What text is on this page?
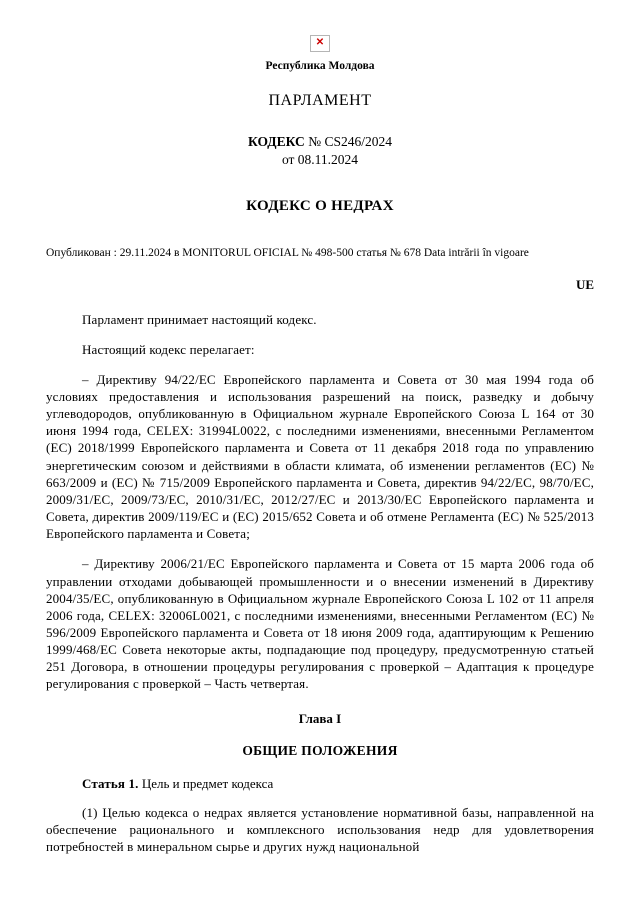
✕
Республика Молдова
ПАРЛАМЕНТ
КОДЕКС № CS246/2024
от 08.11.2024
КОДЕКС О НЕДРАХ
Опубликован : 29.11.2024 в MONITORUL OFICIAL № 498-500 статья № 678 Data intrării în vigoare
UE

Парламент принимает настоящий кодекс.

Настоящий кодекс перелагает:

– Директиву 94/22/ЕС Европейского парламента и Совета от 30 мая 1994 года об условиях предоставления и использования разрешений на поиск, разведку и добычу углеводородов, опубликованную в Официальном журнале Европейского Союза L 164 от 30 июня 1994 года, CELEX: 31994L0022, с последними изменениями, внесенными Регламентом (ЕС) 2018/1999 Европейского парламента и Совета от 11 декабря 2018 года по управлению энергетическим союзом и действиями в области климата, об изменении регламентов (ЕС) № 663/2009 и (ЕС) № 715/2009 Европейского парламента и Совета, директив 94/22/ЕС, 98/70/ЕС, 2009/31/ЕС, 2009/73/ЕС, 2010/31/ЕС, 2012/27/ЕС и 2013/30/ЕС Европейского парламента и Совета, директив 2009/119/ЕС и (ЕС) 2015/652 Совета и об отмене Регламента (ЕС) № 525/2013 Европейского парламента и Совета;

– Директиву 2006/21/ЕС Европейского парламента и Совета от 15 марта 2006 года об управлении отходами добывающей промышленности и о внесении изменений в Директиву 2004/35/ЕС, опубликованную в Официальном журнале Европейского Союза L 102 от 11 апреля 2006 года, CELEX: 32006L0021, с последними изменениями, внесенными Регламентом (ЕС) № 596/2009 Европейского парламента и Совета от 18 июня 2009 года, адаптирующим к Решению 1999/468/ЕС Совета некоторые акты, подпадающие под процедуру, предусмотренную статьей 251 Договора, в отношении процедуры регулирования с проверкой – Адаптация к процедуре регулирования с проверкой – Часть четвертая.

Глава I
ОБЩИЕ ПОЛОЖЕНИЯ

Статья 1. Цель и предмет кодекса

(1) Целью кодекса о недрах является установление нормативной базы, направленной на обеспечение рационального и комплексного использования недр для удовлетворения потребностей в минеральном сырье и других нужд национальной
